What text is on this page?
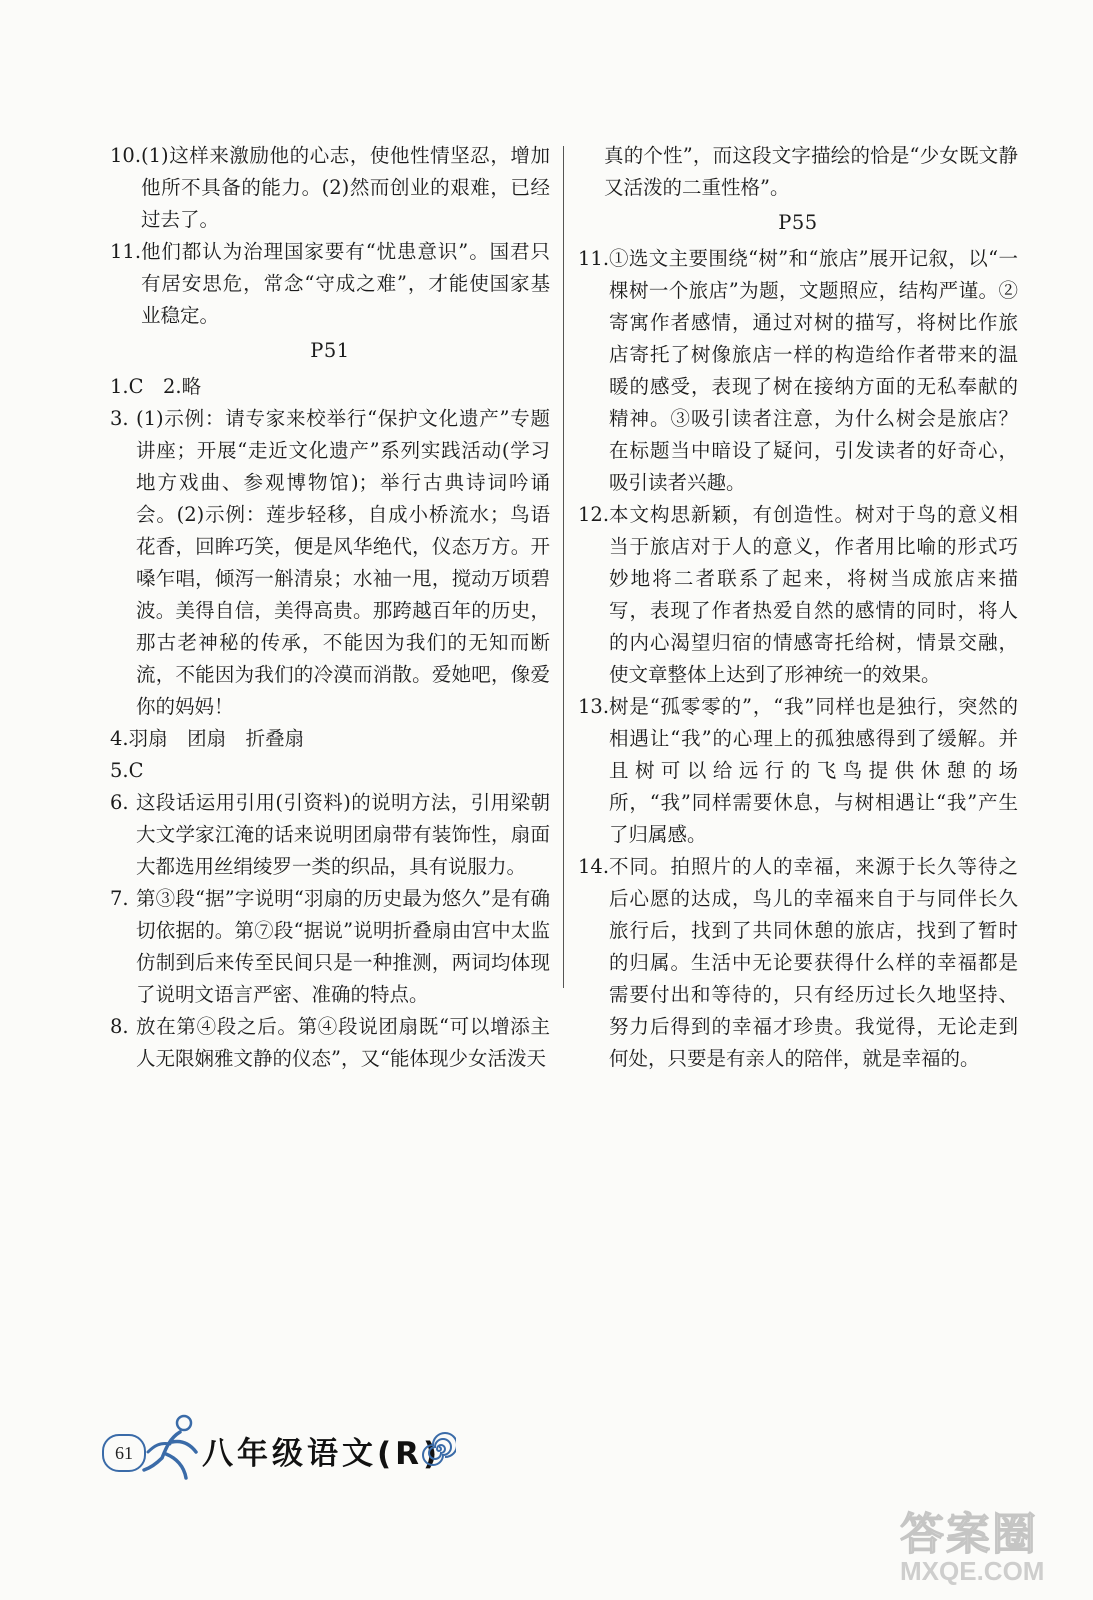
10. (1)这样来激励他的心志，使他性情坚忍，增加他所不具备的能力。(2)然而创业的艰难，已经过去了。

11. 他们都认为治理国家要有“忧患意识”。国君只有居安思危，常念“守成之难”，才能使国家基业稳定。

P51

1.C　2.略

3. (1)示例：请专家来校举行“保护文化遗产”专题讲座；开展“走近文化遗产”系列实践活动(学习地方戏曲、参观博物馆)；举行古典诗词吟诵会。(2)示例：莲步轻移，自成小桥流水；鸟语花香，回眸巧笑，便是风华绝代，仪态万方。开嗓乍唱，倾泻一斛清泉；水袖一甩，搅动万顷碧波。美得自信，美得高贵。那跨越百年的历史，那古老神秘的传承，不能因为我们的无知而断流，不能因为我们的冷漠而消散。爱她吧，像爱你的妈妈！

4.羽扇　团扇　折叠扇

5.C

6. 这段话运用引用(引资料)的说明方法，引用梁朝大文学家江淹的话来说明团扇带有装饰性，扇面大都选用丝绢绫罗一类的织品，具有说服力。

7. 第③段“据”字说明“羽扇的历史最为悠久”是有确切依据的。第⑦段“据说”说明折叠扇由宫中太监仿制到后来传至民间只是一种推测，两词均体现了说明文语言严密、准确的特点。

8. 放在第④段之后。第④段说团扇既“可以增添主人无限娴雅文静的仪态”，又“能体现少女活泼天

真的个性”，而这段文字描绘的恰是“少女既文静又活泼的二重性格”。

P55

11. ①选文主要围绕“树”和“旅店”展开记叙，以“一棵树一个旅店”为题，文题照应，结构严谨。②寄寓作者感情，通过对树的描写，将树比作旅店寄托了树像旅店一样的构造给作者带来的温暖的感受，表现了树在接纳方面的无私奉献的精神。③吸引读者注意，为什么树会是旅店？在标题当中暗设了疑问，引发读者的好奇心，吸引读者兴趣。

12. 本文构思新颖，有创造性。树对于鸟的意义相当于旅店对于人的意义，作者用比喻的形式巧妙地将二者联系了起来，将树当成旅店来描写，表现了作者热爱自然的感情的同时，将人的内心渴望归宿的情感寄托给树，情景交融，使文章整体上达到了形神统一的效果。

13. 树是“孤零零的”，“我”同样也是独行，突然的相遇让“我”的心理上的孤独感得到了缓解。并且树可以给远行的飞鸟提供休憩的场所，“我”同样需要休息，与树相遇让“我”产生了归属感。

14. 不同。拍照片的人的幸福，来源于长久等待之后心愿的达成，鸟儿的幸福来自于与同伴长久旅行后，找到了共同休憩的旅店，找到了暂时的归属。生活中无论要获得什么样的幸福都是需要付出和等待的，只有经历过长久地坚持、努力后得到的幸福才珍贵。我觉得，无论走到何处，只要是有亲人的陪伴，就是幸福的。

61	八年级语文(R)
答案圈
MXQE.COM
